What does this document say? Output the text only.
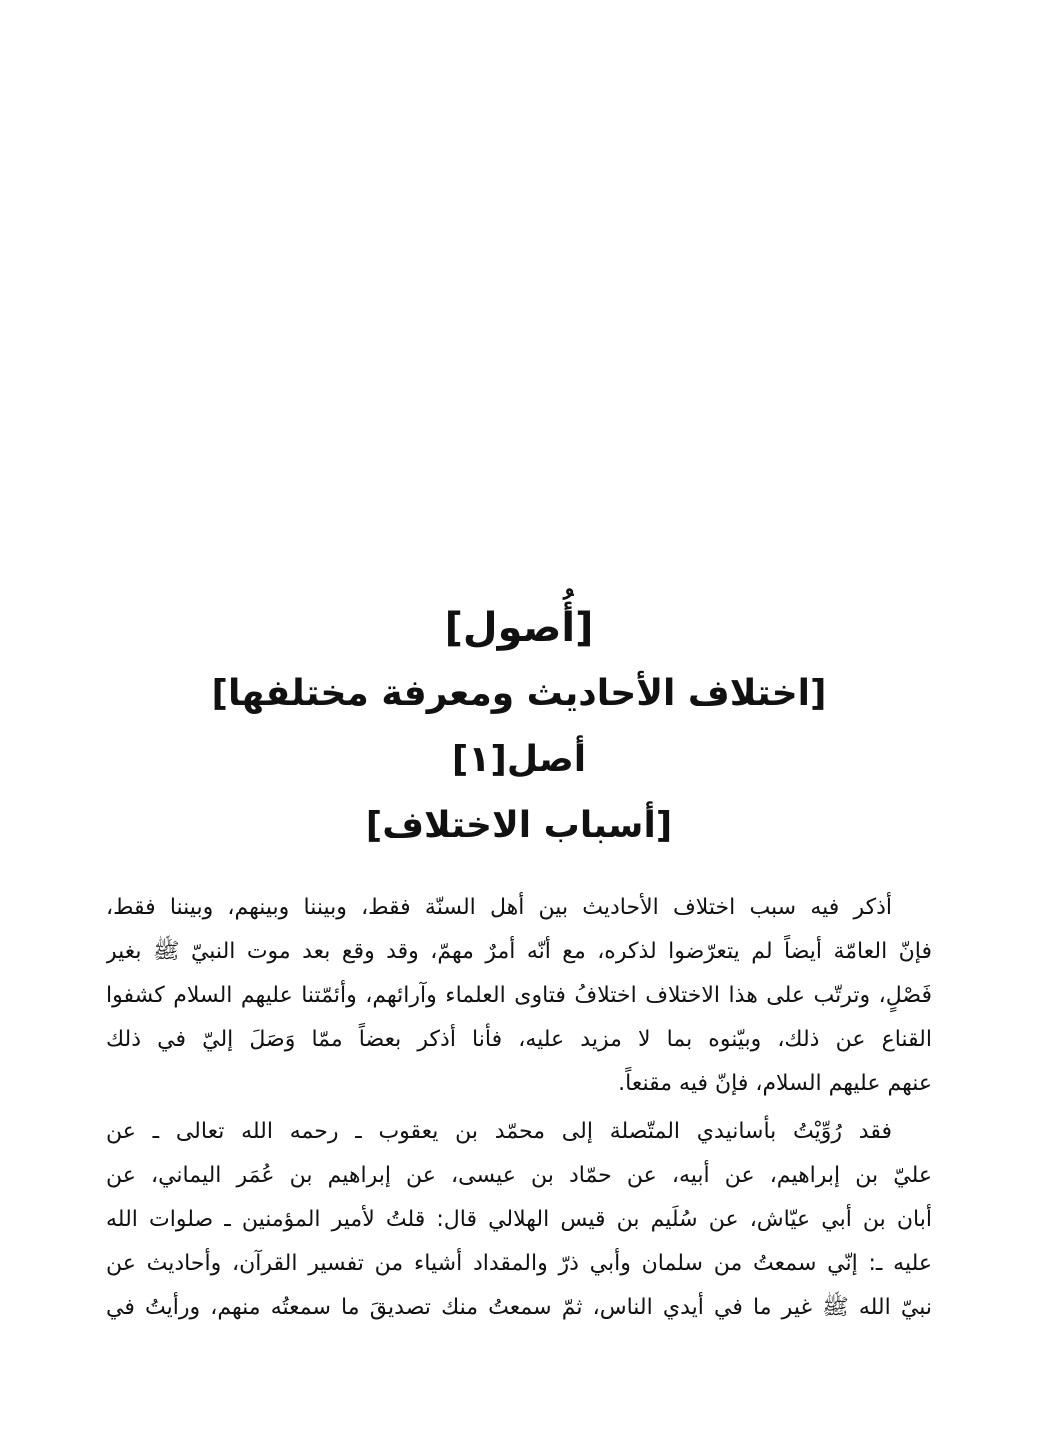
[أُصول]
[اختلاف الأحاديث ومعرفة مختلفها]
أصل[١]
[أسباب الاختلاف]
أذكر فيه سبب اختلاف الأحاديث بين أهل السنّة فقط، وبيننا وبينهم، وبيننا فقط،
فإنّ العامّة أيضاً لم يتعرّضوا لذكره، مع أنّه أمرٌ مهمّ، وقد وقع بعد موت النبيّ ﷺ بغير
فَصْلٍ، وترتّب على هذا الاختلاف اختلافُ فتاوى العلماء وآرائهم، وأئمّتنا عليهم السلام كشفوا
القناع عن ذلك، وبيّنوه بما لا مزيد عليه، فأنا أذكر بعضاً ممّا وَصَلَ إليّ في ذلك
عنهم عليهم السلام، فإنّ فيه مقنعاً.
فقد رُوِّيْتُ بأسانيدي المتّصلة إلى محمّد بن يعقوب ـ رحمه الله تعالى ـ عن
عليّ بن إبراهيم، عن أبيه، عن حمّاد بن عيسى، عن إبراهيم بن عُمَر اليماني، عن
أبان بن أبي عيّاش، عن سُلَيم بن قيس الهلالي قال: قلتُ لأمير المؤمنين ـ صلوات الله
عليه ـ: إنّي سمعتُ من سلمان وأبي ذرّ والمقداد أشياء من تفسير القرآن، وأحاديث عن
نبيّ الله ﷺ غير ما في أيدي الناس، ثمّ سمعتُ منك تصديقَ ما سمعتُه منهم، ورأيتُ في
